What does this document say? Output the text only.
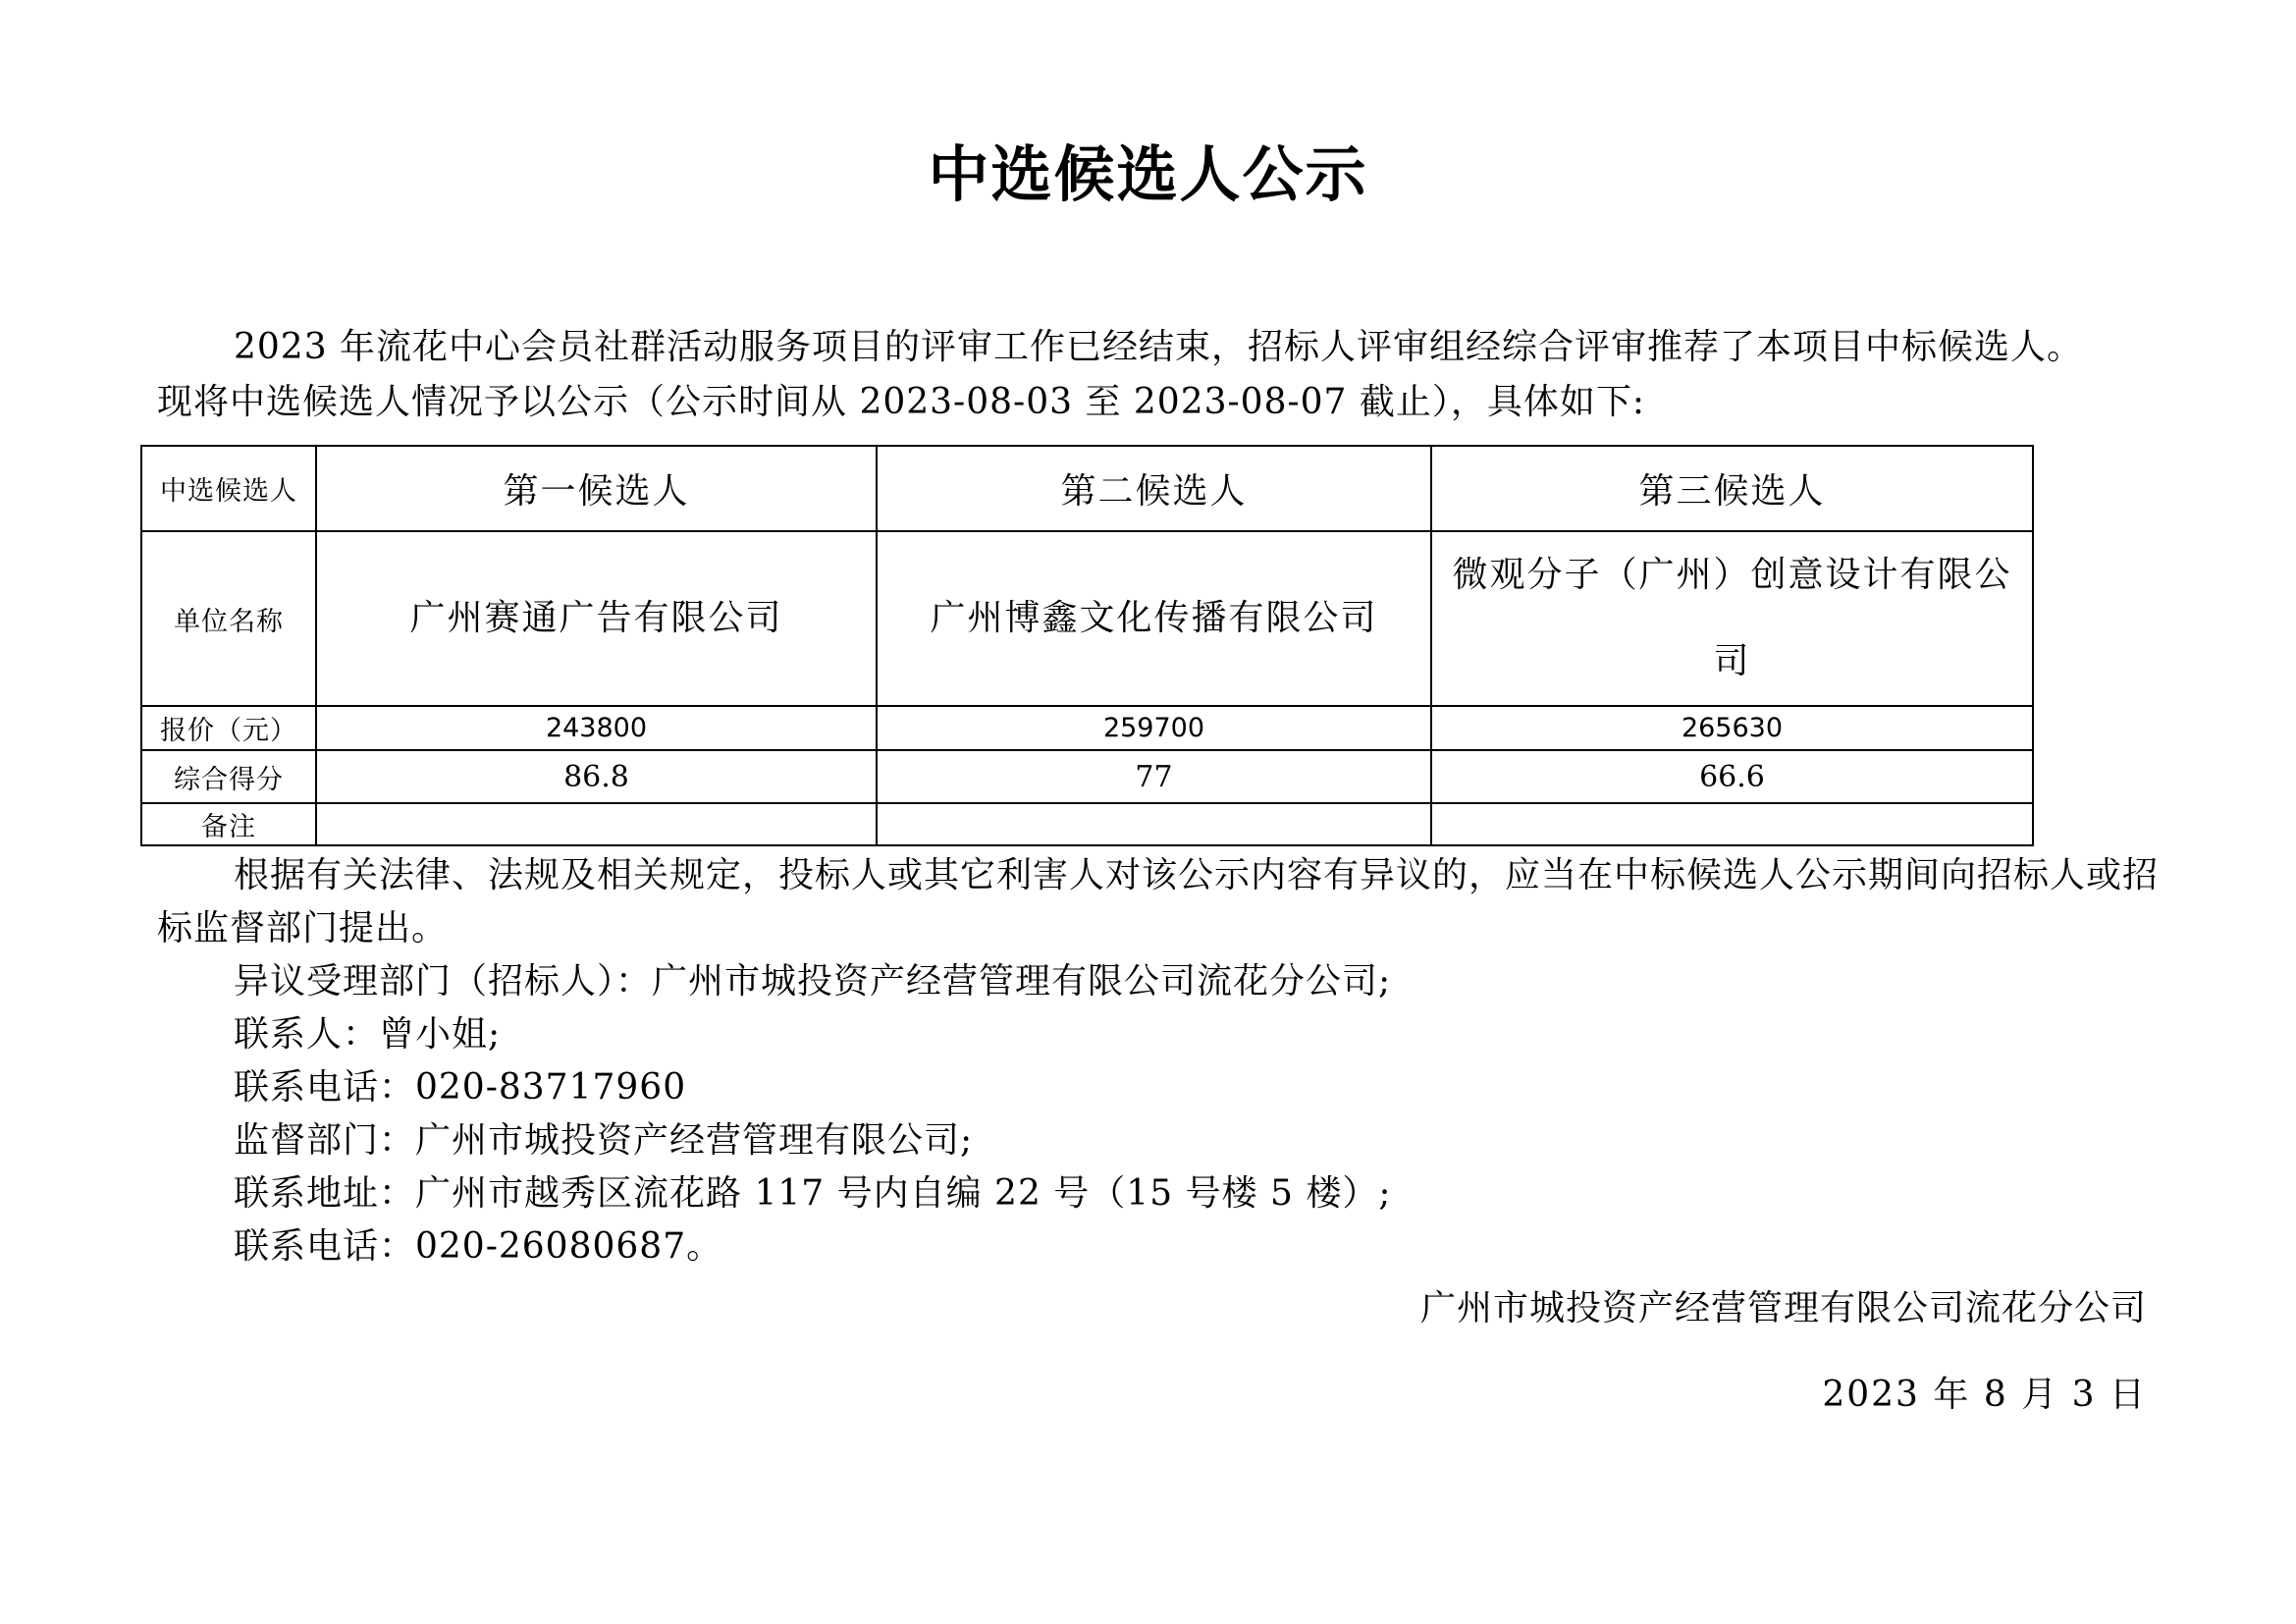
中选候选人公示
2023 年流花中心会员社群活动服务项目的评审工作已经结束，招标人评审组经综合评审推荐了本项目中标候选人。
现将中选候选人情况予以公示（公示时间从 2023-08-03 至 2023-08-07 截止），具体如下:
中选候选人	第一候选人	第二候选人	第三候选人
单位名称	广州赛通广告有限公司	广州博鑫文化传播有限公司	微观分子（广州）创意设计有限公司
报价（元）	243800	259700	265630
综合得分	86.8	77	66.6
备注			

根据有关法律、法规及相关规定，投标人或其它利害人对该公示内容有异议的，应当在中标候选人公示期间向招标人或招标监督部门提出。

异议受理部门（招标人）：广州市城投资产经营管理有限公司流花分公司;

联系人：曾小姐;

联系电话：020-83717960

监督部门：广州市城投资产经营管理有限公司;

联系地址：广州市越秀区流花路 117 号内自编 22 号（15 号楼 5 楼）;

联系电话：020-26080687。

广州市城投资产经营管理有限公司流花分公司
2023 年 8 月 3 日
